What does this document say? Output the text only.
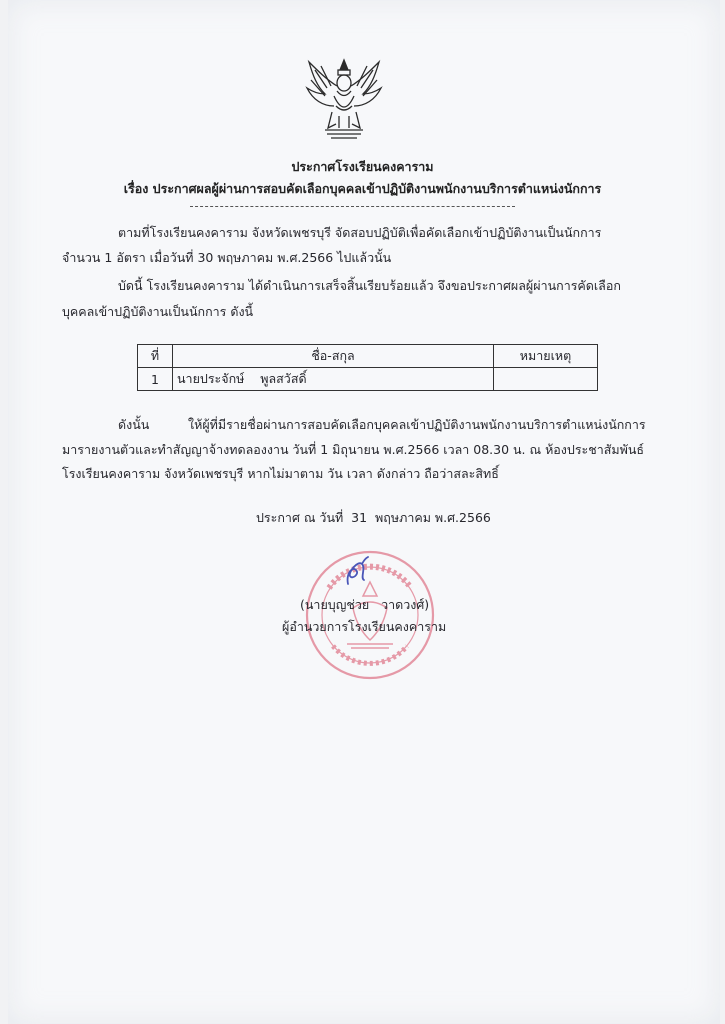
ประกาศโรงเรียนคงคาราม
เรื่อง ประกาศผลผู้ผ่านการสอบคัดเลือกบุคคลเข้าปฏิบัติงานพนักงานบริการตำแหน่งนักการ
ตามที่โรงเรียนคงคาราม จังหวัดเพชรบุรี จัดสอบปฏิบัติเพื่อคัดเลือกเข้าปฏิบัติงานเป็นนักการ
จำนวน 1 อัตรา เมื่อวันที่ 30 พฤษภาคม พ.ศ.2566 ไปแล้วนั้น
บัดนี้ โรงเรียนคงคาราม ได้ดำเนินการเสร็จสิ้นเรียบร้อยแล้ว จึงขอประกาศผลผู้ผ่านการคัดเลือก
บุคคลเข้าปฏิบัติงานเป็นนักการ ดังนี้
ที่	ชื่อ-สกุล	หมายเหตุ
1	นายประจักษ์    พูลสวัสดิ์	
ดังนั้น	ให้ผู้ที่มีรายชื่อผ่านการสอบคัดเลือกบุคคลเข้าปฏิบัติงานพนักงานบริการตำแหน่งนักการ
มารายงานตัวและทำสัญญาจ้างทดลองงาน วันที่ 1 มิถุนายน พ.ศ.2566 เวลา 08.30 น. ณ ห้องประชาสัมพันธ์
โรงเรียนคงคาราม จังหวัดเพชรบุรี หากไม่มาตาม วัน เวลา ดังกล่าว ถือว่าสละสิทธิ์
ประกาศ ณ วันที่  31  พฤษภาคม พ.ศ.2566
(นายบุญช่วย   วาดวงศ์)
ผู้อำนวยการโรงเรียนคงคาราม
